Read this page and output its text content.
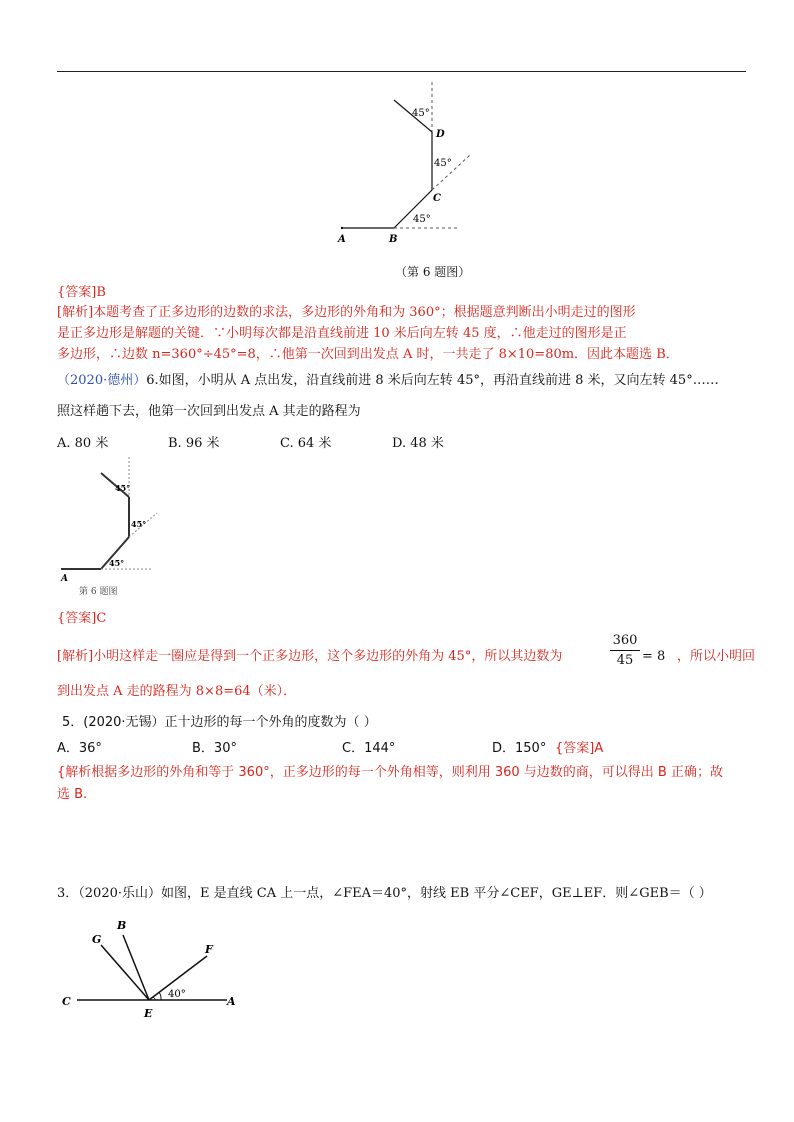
45°
45°
45°
D
C
B
A
（第 6 题图）
{答案]B
[解析]本题考查了正多边形的边数的求法，多边形的外角和为 360°；根据题意判断出小明走过的图形
是正多边形是解题的关键．∵小明每次都是沿直线前进 10 米后向左转 45 度，∴他走过的图形是正
多边形，∴边数 n=360°÷45°=8，∴他第一次回到出发点 A 时，一共走了 8×10=80m．因此本题选 B．
（2020·德州）6.如图，小明从 A 点出发，沿直线前进 8 米后向左转 45°，再沿直线前进 8 米，又向左转 45°……
照这样趟下去，他第一次回到出发点 A 其走的路程为
A. 80 米	B. 96 米	C. 64 米	D. 48 米
45°
45°
45°
A
第 6 题图
{答案]C
[解析]小明这样走一圈应是得到一个正多边形，这个多边形的外角为 45°，所以其边数为
360
45 = 8 ，所以小明回
到出发点 A 走的路程为 8×8=64（米）．
5．(2020·无锡）正十边形的每一个外角的度数为（ ）
A．36°	B．30°	C．144°	D．150° {答案]A
{解析根据多边形的外角和等于 360°，正多边形的每一个外角相等，则利用 360 与边数的商，可以得出 B 正确；故
选 B.
3．（2020·乐山）如图，E 是直线 CA 上一点，∠FEA＝40°，射线 EB 平分∠CEF，GE⊥EF．则∠GEB＝（ ）
G
B
F
C
E
A
40°
